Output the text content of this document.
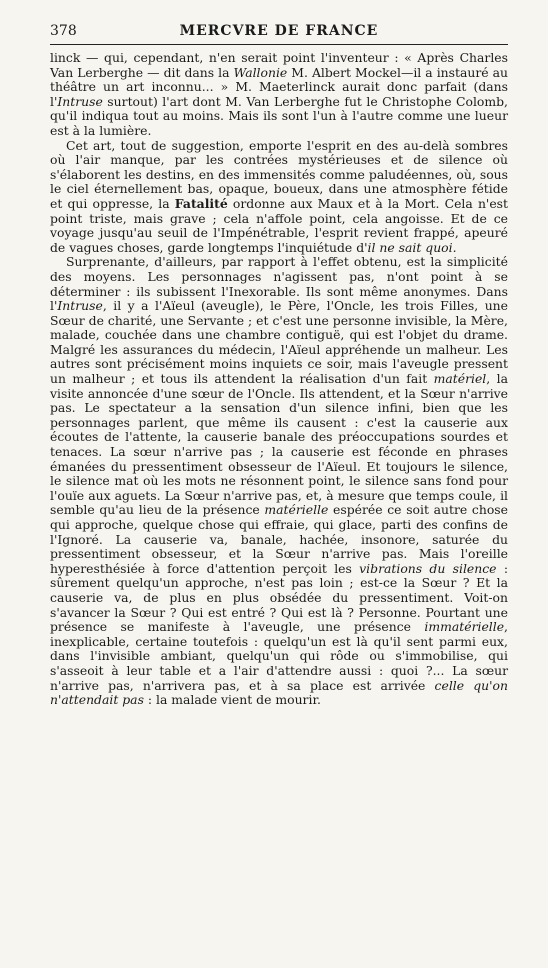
378	MERCVRE DE FRANCE

linck — qui, cependant, n'en serait point l'inventeur : « Après Charles Van Lerberghe — dit dans la Wallonie M. Albert Mockel—il a instauré au théâtre un art inconnu... » M. Maeterlinck aurait donc parfait (dans l'Intruse surtout) l'art dont M. Van Lerberghe fut le Christophe Colomb, qu'il indiqua tout au moins. Mais ils sont l'un à l'autre comme une lueur est à la lumière.

Cet art, tout de suggestion, emporte l'esprit en des au-delà sombres où l'air manque, par les contrées mystérieuses et de silence où s'élaborent les destins, en des immensités comme paludéennes, où, sous le ciel éternellement bas, opaque, boueux, dans une atmosphère fétide et qui oppresse, la Fatalité ordonne aux Maux et à la Mort. Cela n'est point triste, mais grave ; cela n'affole point, cela angoisse. Et de ce voyage jusqu'au seuil de l'Impénétrable, l'esprit revient frappé, apeuré de vagues choses, garde longtemps l'inquiétude d'il ne sait quoi.

Surprenante, d'ailleurs, par rapport à l'effet obtenu, est la simplicité des moyens. Les personnages n'agissent pas, n'ont point à se déterminer : ils subissent l'Inexorable. Ils sont même anonymes. Dans l'Intruse, il y a l'Aïeul (aveugle), le Père, l'Oncle, les trois Filles, une Sœur de charité, une Servante ; et c'est une personne invisible, la Mère, malade, couchée dans une chambre contiguë, qui est l'objet du drame. Malgré les assurances du médecin, l'Aïeul appréhende un malheur. Les autres sont précisément moins inquiets ce soir, mais l'aveugle pressent un malheur ; et tous ils attendent la réalisation d'un fait matériel, la visite annoncée d'une sœur de l'Oncle. Ils attendent, et la Sœur n'arrive pas. Le spectateur a la sensation d'un silence infini, bien que les personnages parlent, que même ils causent : c'est la causerie aux écoutes de l'attente, la causerie banale des préoccupations sourdes et tenaces. La sœur n'arrive pas ; la causerie est féconde en phrases émanées du pressentiment obsesseur de l'Aïeul. Et toujours le silence, le silence mat où les mots ne résonnent point, le silence sans fond pour l'ouïe aux aguets. La Sœur n'arrive pas, et, à mesure que temps coule, il semble qu'au lieu de la présence matérielle espérée ce soit autre chose qui approche, quelque chose qui effraie, qui glace, parti des confins de l'Ignoré. La causerie va, banale, hachée, insonore, saturée du pressentiment obsesseur, et la Sœur n'arrive pas. Mais l'oreille hyperesthésiée à force d'attention perçoit les vibrations du silence : sûrement quelqu'un approche, n'est pas loin ; est-ce la Sœur ? Et la causerie va, de plus en plus obsédée du pressentiment. Voit-on s'avancer la Sœur ? Qui est entré ? Qui est là ? Personne. Pourtant une présence se manifeste à l'aveugle, une présence immatérielle, inexplicable, certaine toutefois : quelqu'un est là qu'il sent parmi eux, dans l'invisible ambiant, quelqu'un qui rôde ou s'immobilise, qui s'asseoit à leur table et a l'air d'attendre aussi : quoi ?... La sœur n'arrive pas, n'arrivera pas, et à sa place est arrivée celle qu'on n'attendait pas : la malade vient de mourir.
